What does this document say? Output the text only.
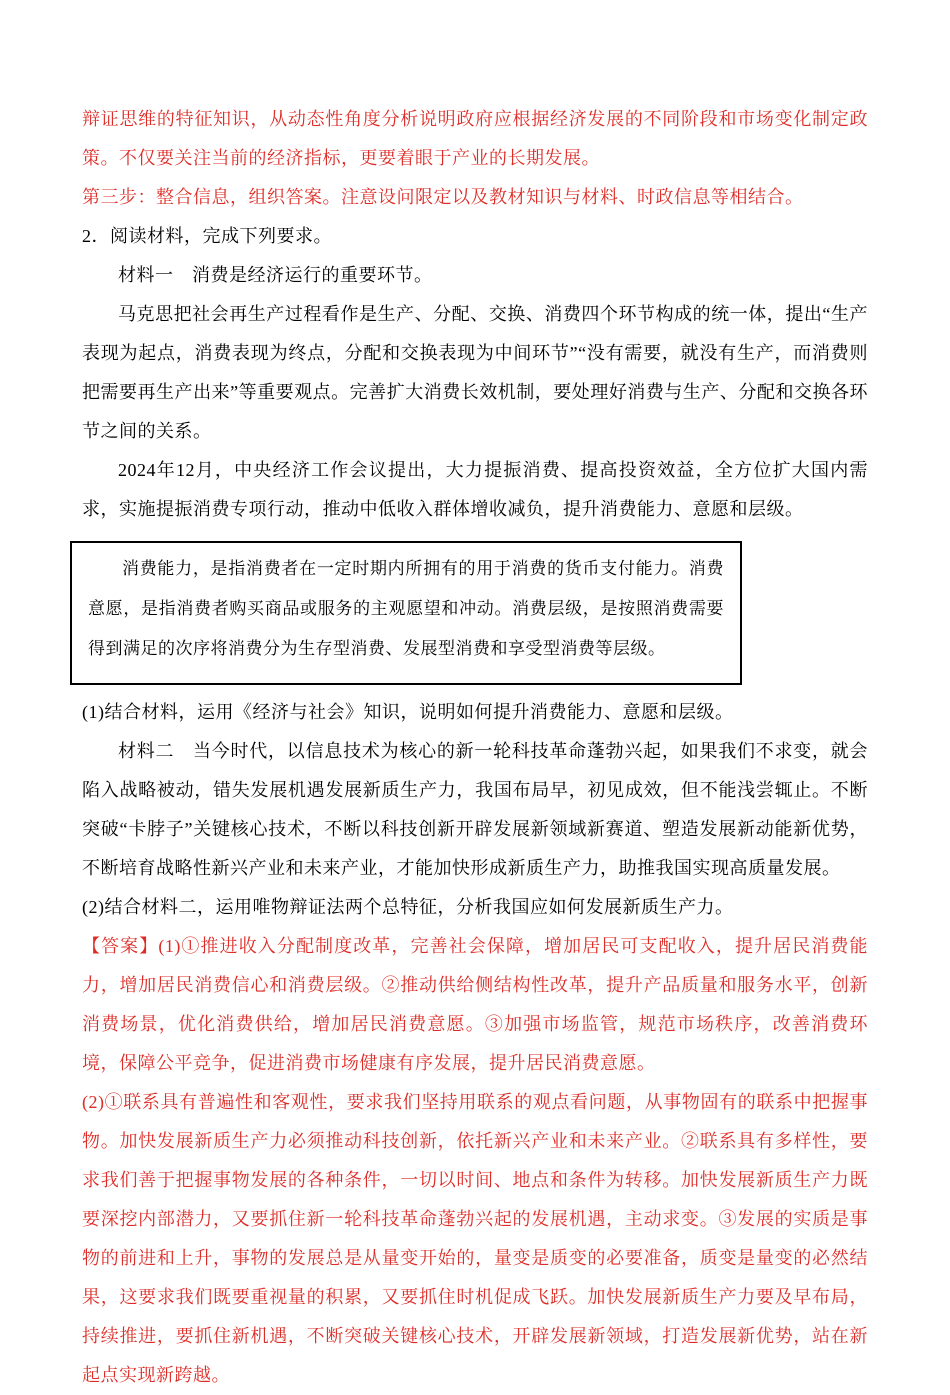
辩证思维的特征知识，从动态性角度分析说明政府应根据经济发展的不同阶段和市场变化制定政策。不仅要关注当前的经济指标，更要着眼于产业的长期发展。

第三步：整合信息，组织答案。注意设问限定以及教材知识与材料、时政信息等相结合。

2．阅读材料，完成下列要求。

材料一　消费是经济运行的重要环节。

马克思把社会再生产过程看作是生产、分配、交换、消费四个环节构成的统一体，提出“生产表现为起点，消费表现为终点，分配和交换表现为中间环节”“没有需要，就没有生产，而消费则把需要再生产出来”等重要观点。完善扩大消费长效机制，要处理好消费与生产、分配和交换各环节之间的关系。

2024年12月，中央经济工作会议提出，大力提振消费、提高投资效益，全方位扩大国内需求，实施提振消费专项行动，推动中低收入群体增收减负，提升消费能力、意愿和层级。

消费能力，是指消费者在一定时期内所拥有的用于消费的货币支付能力。消费意愿，是指消费者购买商品或服务的主观愿望和冲动。消费层级，是按照消费需要得到满足的次序将消费分为生存型消费、发展型消费和享受型消费等层级。

(1)结合材料，运用《经济与社会》知识，说明如何提升消费能力、意愿和层级。

材料二　当今时代，以信息技术为核心的新一轮科技革命蓬勃兴起，如果我们不求变，就会陷入战略被动，错失发展机遇发展新质生产力，我国布局早，初见成效，但不能浅尝辄止。不断突破“卡脖子”关键核心技术，不断以科技创新开辟发展新领域新赛道、塑造发展新动能新优势，不断培育战略性新兴产业和未来产业，才能加快形成新质生产力，助推我国实现高质量发展。

(2)结合材料二，运用唯物辩证法两个总特征，分析我国应如何发展新质生产力。

【答案】(1)①推进收入分配制度改革，完善社会保障，增加居民可支配收入，提升居民消费能力，增加居民消费信心和消费层级。②推动供给侧结构性改革，提升产品质量和服务水平，创新消费场景，优化消费供给，增加居民消费意愿。③加强市场监管，规范市场秩序，改善消费环境，保障公平竞争，促进消费市场健康有序发展，提升居民消费意愿。

(2)①联系具有普遍性和客观性，要求我们坚持用联系的观点看问题，从事物固有的联系中把握事物。加快发展新质生产力必须推动科技创新，依托新兴产业和未来产业。②联系具有多样性，要求我们善于把握事物发展的各种条件，一切以时间、地点和条件为转移。加快发展新质生产力既要深挖内部潜力，又要抓住新一轮科技革命蓬勃兴起的发展机遇，主动求变。③发展的实质是事物的前进和上升，事物的发展总是从量变开始的，量变是质变的必要准备，质变是量变的必然结果，这要求我们既要重视量的积累，又要抓住时机促成飞跃。加快发展新质生产力要及早布局，持续推进，要抓住新机遇，不断突破关键核心技术，开辟发展新领域，打造发展新优势，站在新起点实现新跨越。
